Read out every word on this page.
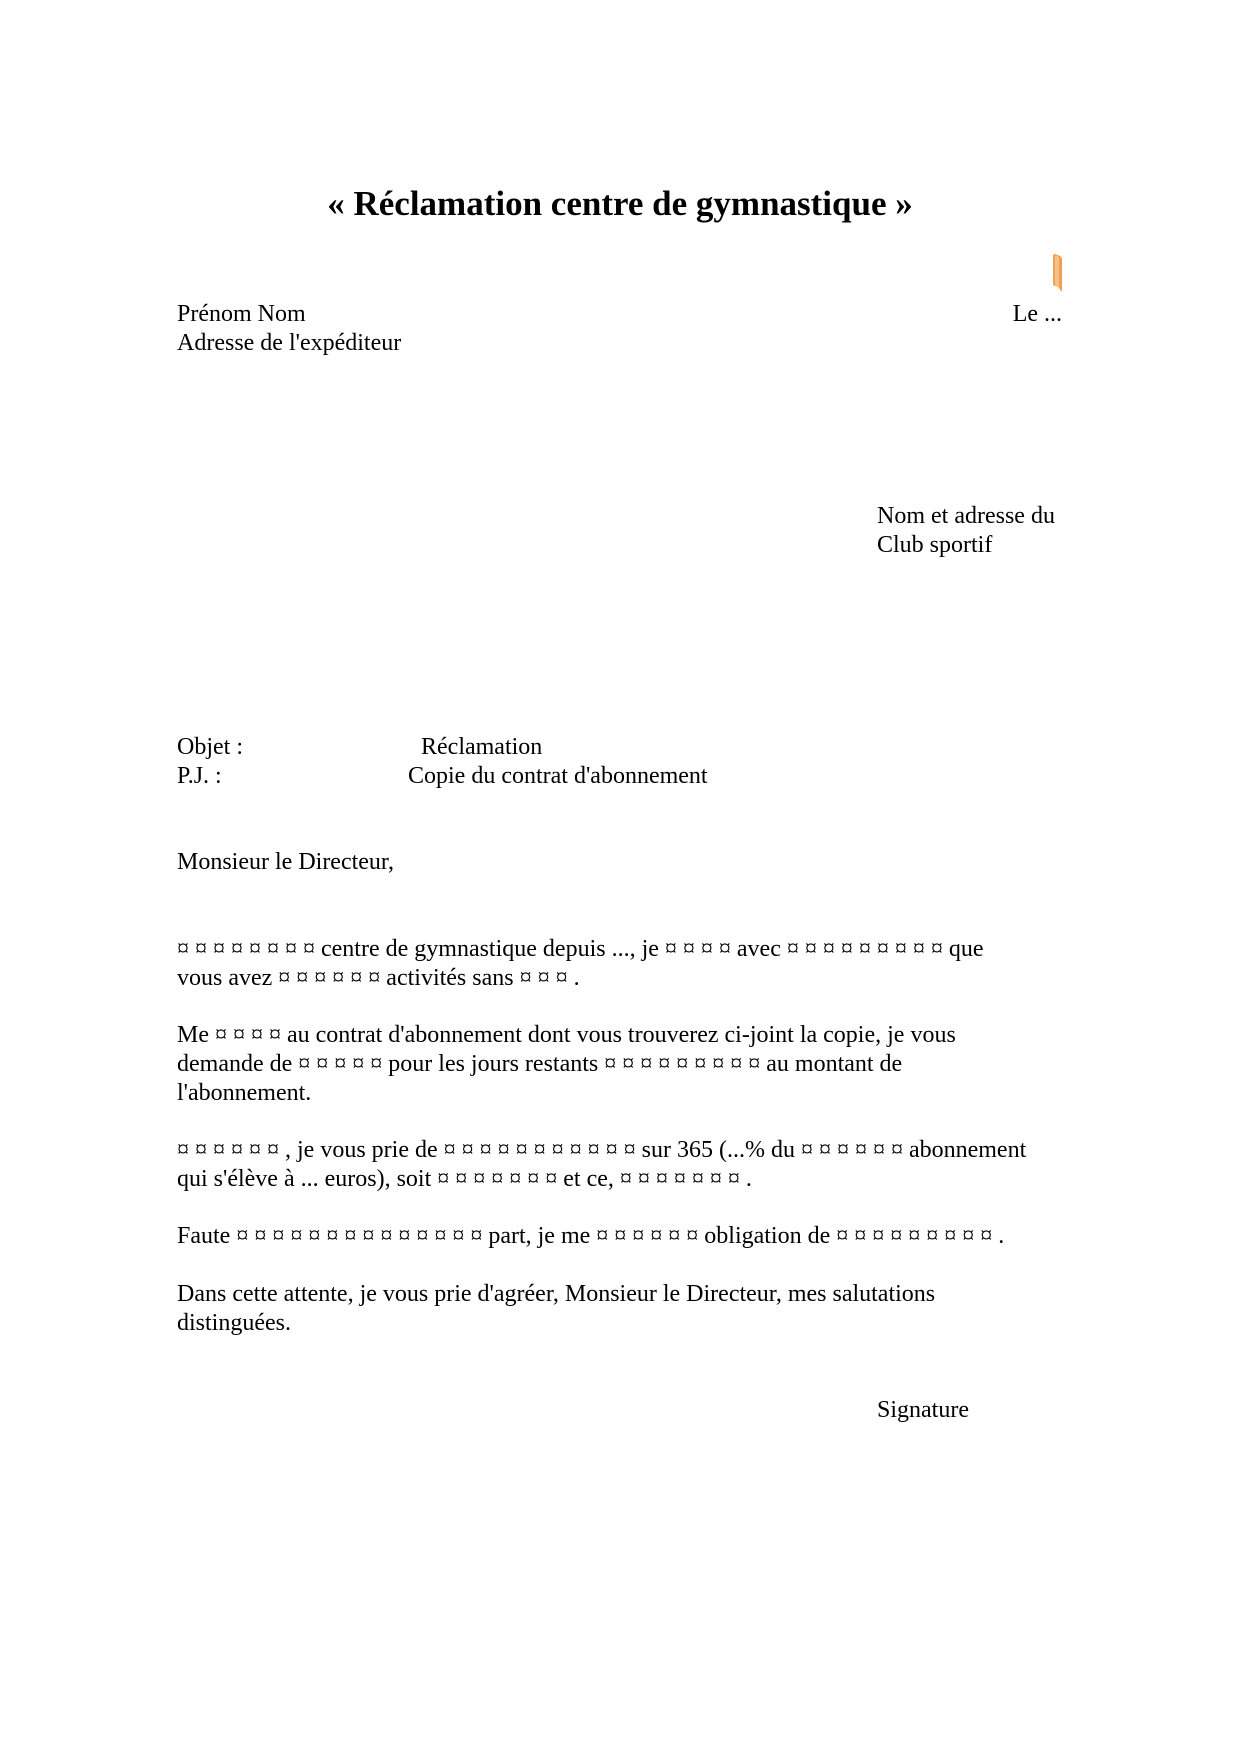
« Réclamation centre de gymnastique »
Prénom Nom
Adresse de l'expéditeur
Le ...
Nom et adresse du
Club sportif
Objet :	Réclamation
P.J. :	Copie du contrat d'abonnement
Monsieur le Directeur,
¤ ¤ ¤ ¤ ¤ ¤ ¤ ¤ centre de gymnastique depuis ..., je ¤ ¤ ¤ ¤ avec ¤ ¤ ¤ ¤ ¤ ¤ ¤ ¤ ¤ que
vous avez ¤ ¤ ¤ ¤ ¤ ¤ activités sans ¤ ¤ ¤ .
Me ¤ ¤ ¤ ¤ au contrat d'abonnement dont vous trouverez ci-joint la copie, je vous
demande de ¤ ¤ ¤ ¤ ¤ pour les jours restants ¤ ¤ ¤ ¤ ¤ ¤ ¤ ¤ ¤ au montant de
l'abonnement.
¤ ¤ ¤ ¤ ¤ ¤ , je vous prie de ¤ ¤ ¤ ¤ ¤ ¤ ¤ ¤ ¤ ¤ ¤ sur 365 (...% du ¤ ¤ ¤ ¤ ¤ ¤ abonnement
qui s'élève à ... euros), soit ¤ ¤ ¤ ¤ ¤ ¤ ¤ et ce, ¤ ¤ ¤ ¤ ¤ ¤ ¤ .
Faute ¤ ¤ ¤ ¤ ¤ ¤ ¤ ¤ ¤ ¤ ¤ ¤ ¤ ¤ part, je me ¤ ¤ ¤ ¤ ¤ ¤ obligation de ¤ ¤ ¤ ¤ ¤ ¤ ¤ ¤ ¤ .
Dans cette attente, je vous prie d'agréer, Monsieur le Directeur, mes salutations
distinguées.
Signature
